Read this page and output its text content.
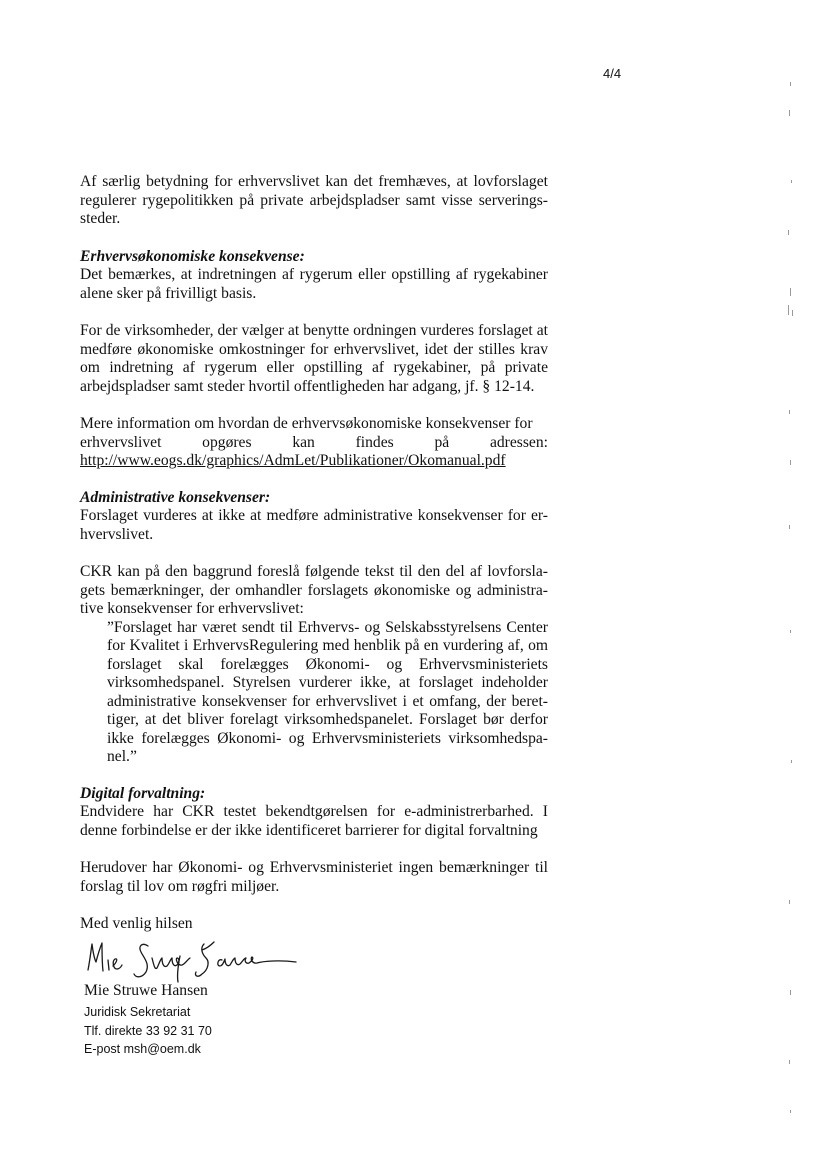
4/4

Af særlig betydning for erhvervslivet kan det fremhæves, at lovforslaget regulerer rygepolitikken på private arbejdspladser samt visse serverings-steder.

Erhvervsøkonomiske konsekvense:

Det bemærkes, at indretningen af rygerum eller opstilling af rygekabiner alene sker på frivilligt basis.

For de virksomheder, der vælger at benytte ordningen vurderes forslaget at medføre økonomiske omkostninger for erhvervslivet, idet der stilles krav om indretning af rygerum eller opstilling af rygekabiner, på private arbejdspladser samt steder hvortil offentligheden har adgang, jf. § 12-14.

Mere information om hvordan de erhvervsøkonomiske konsekvenser for

erhvervslivet	opgøres	kan	findes	på	adressen:

http://www.eogs.dk/graphics/AdmLet/Publikationer/Okomanual.pdf

Administrative konsekvenser:

Forslaget vurderes at ikke at medføre administrative konsekvenser for er-hvervslivet.

CKR kan på den baggrund foreslå følgende tekst til den del af lovforsla-gets bemærkninger, der omhandler forslagets økonomiske og administra-tive konsekvenser for erhvervslivet:

”Forslaget har været sendt til Erhvervs- og Selskabsstyrelsens Center for Kvalitet i ErhvervsRegulering med henblik på en vurdering af, om forslaget skal forelægges Økonomi- og Erhvervsministeriets virksomhedspanel. Styrelsen vurderer ikke, at forslaget indeholder administrative konsekvenser for erhvervslivet i et omfang, der beret-tiger, at det bliver forelagt virksomhedspanelet. Forslaget bør derfor ikke forelægges Økonomi- og Erhvervsministeriets virksomhedspa-nel.”

Digital forvaltning:

Endvidere har CKR testet bekendtgørelsen for e-administrerbarhed. I denne forbindelse er der ikke identificeret barrierer for digital forvaltning

Herudover har Økonomi- og Erhvervsministeriet ingen bemærkninger til forslag til lov om røgfri miljøer.

Med venlig hilsen

Mie Struwe Hansen
Juridisk Sekretariat
Tlf. direkte 33 92 31 70
E-post msh@oem.dk
